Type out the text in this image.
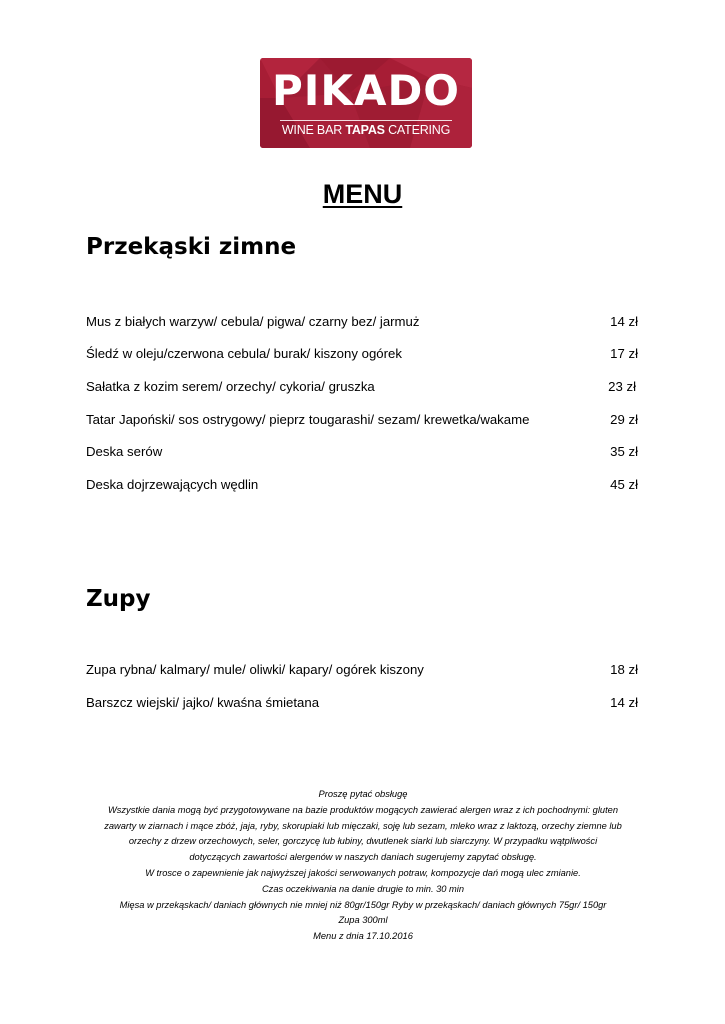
PIKADO
WINE BAR TAPAS CATERING
MENU
Przekąski zimne
Mus z białych warzyw/ cebula/ pigwa/ czarny bez/ jarmuż	14 zł
Śledź w oleju/czerwona cebula/ burak/ kiszony ogórek	17 zł
Sałatka z kozim serem/ orzechy/ cykoria/ gruszka	23 zł
Tatar Japoński/ sos ostrygowy/ pieprz tougarashi/ sezam/ krewetka/wakame	29 zł
Deska serów	35 zł
Deska dojrzewających wędlin	45 zł
Zupy
Zupa rybna/ kalmary/ mule/ oliwki/ kapary/ ogórek kiszony	18 zł
Barszcz wiejski/ jajko/ kwaśna śmietana	14 zł
Proszę pytać obsługę
Wszystkie dania mogą być przygotowywane na bazie produktów mogących zawierać alergen wraz z ich pochodnymi: gluten
zawarty w ziarnach i mące zbóż, jaja, ryby, skorupiaki lub mięczaki, soję lub sezam, mleko wraz z laktozą, orzechy ziemne lub
orzechy z drzew orzechowych, seler, gorczycę lub łubiny, dwutlenek siarki lub siarczyny. W przypadku wątpliwości
dotyczących zawartości alergenów w naszych daniach sugerujemy zapytać obsługę.
W trosce o zapewnienie jak najwyższej jakości serwowanych potraw, kompozycje dań mogą ulec zmianie.
Czas oczekiwania na danie drugie to min. 30 min
Mięsa w przekąskach/ daniach głównych nie mniej niż 80gr/150gr Ryby w przekąskach/ daniach głównych 75gr/ 150gr
Zupa 300ml
Menu z dnia 17.10.2016
